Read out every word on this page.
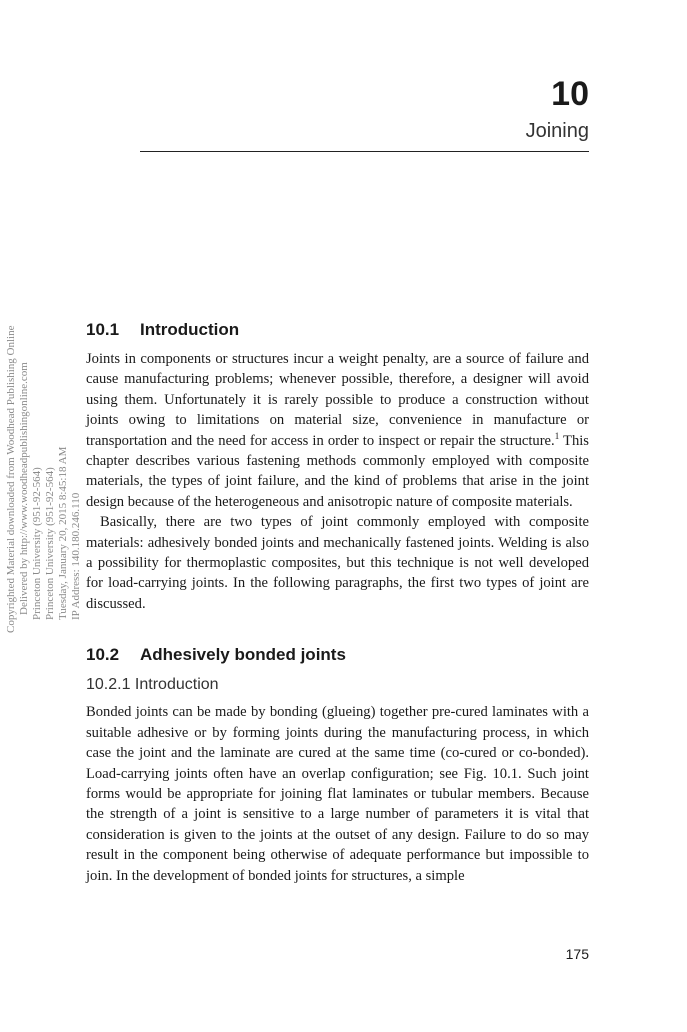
10
Joining
Copyrighted Material downloaded from Woodhead Publishing Online Delivered by http://www.woodheadpublishingonline.com Princeton University (951-92-564) Princeton University (951-92-564) Tuesday, January 20, 2015 8:45:18 AM IP Address: 140.180.246.110
10.1 Introduction

Joints in components or structures incur a weight penalty, are a source of failure and cause manufacturing problems; whenever possible, therefore, a designer will avoid using them. Unfortunately it is rarely possible to produce a construction without joints owing to limitations on material size, convenience in manufacture or transportation and the need for access in order to inspect or repair the structure.$^1$ This chapter describes various fastening methods commonly employed with composite materials, the types of joint failure, and the kind of problems that arise in the joint design because of the heterogeneous and anisotropic nature of composite materials.

Basically, there are two types of joint commonly employed with composite materials: adhesively bonded joints and mechanically fastened joints. Welding is also a possibility for thermoplastic composites, but this technique is not well developed for load-carrying joints. In the following paragraphs, the first two types of joint are discussed.

10.2 Adhesively bonded joints
10.2.1 Introduction

Bonded joints can be made by bonding (glueing) together pre-cured laminates with a suitable adhesive or by forming joints during the manufacturing process, in which case the joint and the laminate are cured at the same time (co-cured or co-bonded). Load-carrying joints often have an overlap configuration; see Fig. 10.1. Such joint forms would be appropriate for joining flat laminates or tubular members. Because the strength of a joint is sensitive to a large number of parameters it is vital that consideration is given to the joints at the outset of any design. Failure to do so may result in the component being otherwise of adequate performance but impossible to join. In the development of bonded joints for structures, a simple

175
